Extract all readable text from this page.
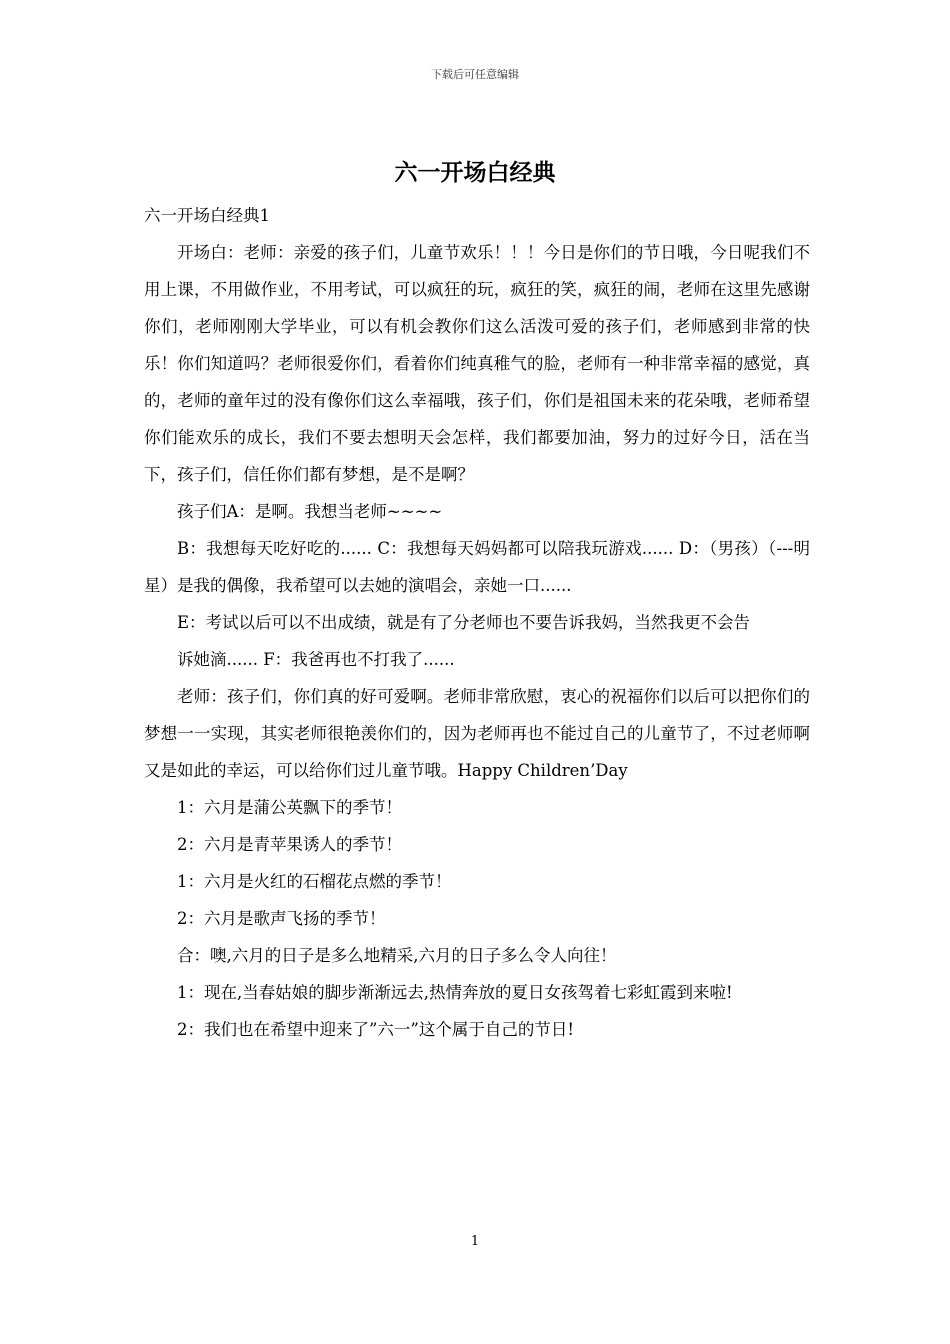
下载后可任意编辑
六一开场白经典

六一开场白经典1

开场白：老师：亲爱的孩子们，儿童节欢乐！！！今日是你们的节日哦，今日呢我们不用上课，不用做作业，不用考试，可以疯狂的玩，疯狂的笑，疯狂的闹，老师在这里先感谢你们，老师刚刚大学毕业，可以有机会教你们这么活泼可爱的孩子们，老师感到非常的快乐！你们知道吗？老师很爱你们，看着你们纯真稚气的脸，老师有一种非常幸福的感觉，真的，老师的童年过的没有像你们这么幸福哦，孩子们，你们是祖国未来的花朵哦，老师希望你们能欢乐的成长，我们不要去想明天会怎样，我们都要加油，努力的过好今日，活在当下，孩子们，信任你们都有梦想，是不是啊？

孩子们A：是啊。我想当老师~~~~

B：我想每天吃好吃的...... C：我想每天妈妈都可以陪我玩游戏...... D：（男孩）（---明星）是我的偶像，我希望可以去她的演唱会，亲她一口......

E：考试以后可以不出成绩，就是有了分老师也不要告诉我妈，当然我更不会告

诉她滴...... F：我爸再也不打我了......

老师：孩子们，你们真的好可爱啊。老师非常欣慰，衷心的祝福你们以后可以把你们的梦想一一实现，其实老师很艳羡你们的，因为老师再也不能过自己的儿童节了，不过老师啊又是如此的幸运，可以给你们过儿童节哦。Happy Children’Day

1：六月是蒲公英飘下的季节！

2：六月是青苹果诱人的季节！

1：六月是火红的石榴花点燃的季节！

2：六月是歌声飞扬的季节！

合：噢,六月的日子是多么地精采,六月的日子多么令人向往！

1：现在,当春姑娘的脚步渐渐远去,热情奔放的夏日女孩驾着七彩虹霞到来啦!

2：我们也在希望中迎来了”六一”这个属于自己的节日!

1
